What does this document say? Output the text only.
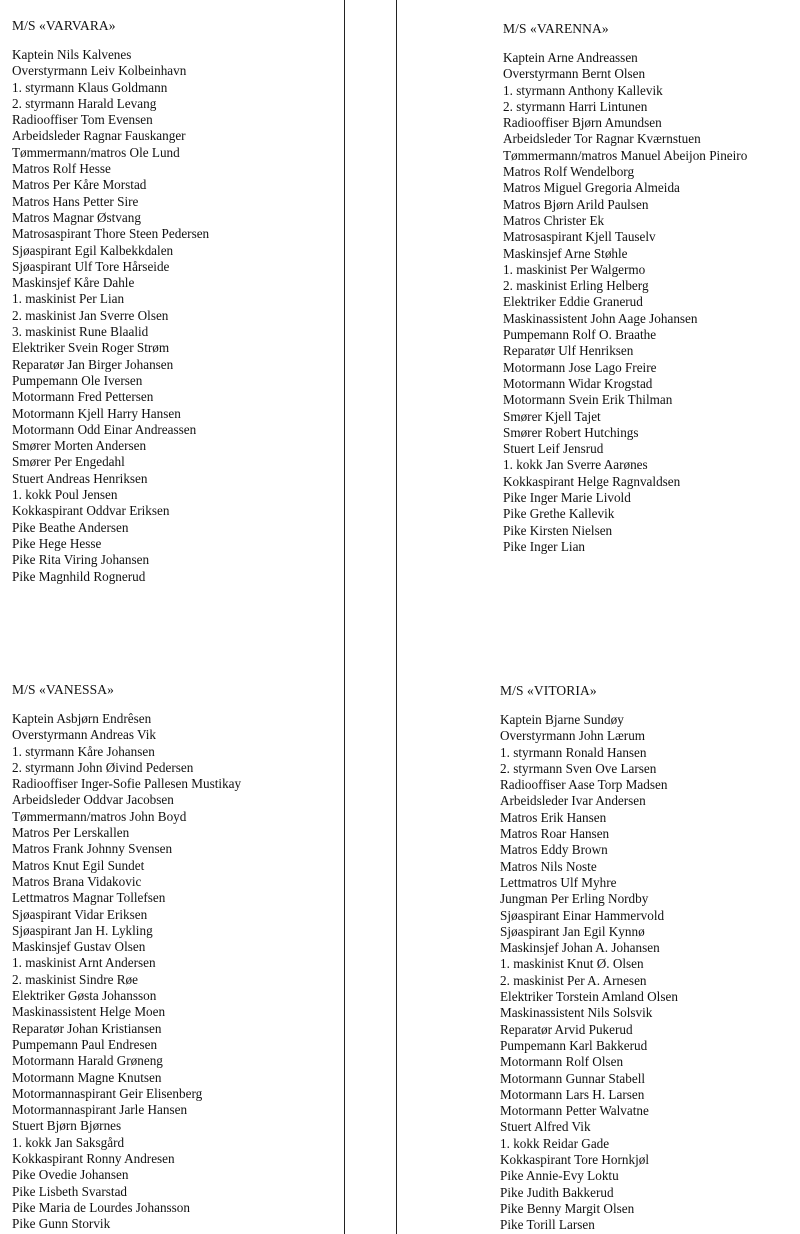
M/S «VARVARA»
Kaptein Nils Kalvenes
Overstyrmann Leiv Kolbeinhavn
1. styrmann Klaus Goldmann
2. styrmann Harald Levang
Radiooffiser Tom Evensen
Arbeidsleder Ragnar Fauskanger
Tømmermann/matros Ole Lund
Matros Rolf Hesse
Matros Per Kåre Morstad
Matros Hans Petter Sire
Matros Magnar Østvang
Matrosaspirant Thore Steen Pedersen
Sjøaspirant Egil Kalbekkdalen
Sjøaspirant Ulf Tore Hårseide
Maskinsjef Kåre Dahle
1. maskinist Per Lian
2. maskinist Jan Sverre Olsen
3. maskinist Rune Blaalid
Elektriker Svein Roger Strøm
Reparatør Jan Birger Johansen
Pumpemann Ole Iversen
Motormann Fred Pettersen
Motormann Kjell Harry Hansen
Motormann Odd Einar Andreassen
Smører Morten Andersen
Smører Per Engedahl
Stuert Andreas Henriksen
1. kokk Poul Jensen
Kokkaspirant Oddvar Eriksen
Pike Beathe Andersen
Pike Hege Hesse
Pike Rita Viring Johansen
Pike Magnhild Rognerud
M/S «VARENNA»
Kaptein Arne Andreassen
Overstyrmann Bernt Olsen
1. styrmann Anthony Kallevik
2. styrmann Harri Lintunen
Radiooffiser Bjørn Amundsen
Arbeidsleder Tor Ragnar Kværnstuen
Tømmermann/matros Manuel Abeijon Pineiro
Matros Rolf Wendelborg
Matros Miguel Gregoria Almeida
Matros Bjørn Arild Paulsen
Matros Christer Ek
Matrosaspirant Kjell Tauselv
Maskinsjef Arne Støhle
1. maskinist Per Walgermo
2. maskinist Erling Helberg
Elektriker Eddie Granerud
Maskinassistent John Aage Johansen
Pumpemann Rolf O. Braathe
Reparatør Ulf Henriksen
Motormann Jose Lago Freire
Motormann Widar Krogstad
Motormann Svein Erik Thilman
Smører Kjell Tajet
Smører Robert Hutchings
Stuert Leif Jensrud
1. kokk Jan Sverre Aarønes
Kokkaspirant Helge Ragnvaldsen
Pike Inger Marie Livold
Pike Grethe Kallevik
Pike Kirsten Nielsen
Pike Inger Lian
M/S «VANESSA»
Kaptein Asbjørn Endrêsen
Overstyrmann Andreas Vik
1. styrmann Kåre Johansen
2. styrmann John Øivind Pedersen
Radiooffiser Inger-Sofie Pallesen Mustikay
Arbeidsleder Oddvar Jacobsen
Tømmermann/matros John Boyd
Matros Per Lerskallen
Matros Frank Johnny Svensen
Matros Knut Egil Sundet
Matros Brana Vidakovic
Lettmatros Magnar Tollefsen
Sjøaspirant Vidar Eriksen
Sjøaspirant Jan H. Lykling
Maskinsjef Gustav Olsen
1. maskinist Arnt Andersen
2. maskinist Sindre Røe
Elektriker Gøsta Johansson
Maskinassistent Helge Moen
Reparatør Johan Kristiansen
Pumpemann Paul Endresen
Motormann Harald Grøneng
Motormann Magne Knutsen
Motormannaspirant Geir Elisenberg
Motormannaspirant Jarle Hansen
Stuert Bjørn Bjørnes
1. kokk Jan Saksgård
Kokkaspirant Ronny Andresen
Pike Ovedie Johansen
Pike Lisbeth Svarstad
Pike Maria de Lourdes Johansson
Pike Gunn Storvik
M/S «VITORIA»
Kaptein Bjarne Sundøy
Overstyrmann John Lærum
1. styrmann Ronald Hansen
2. styrmann Sven Ove Larsen
Radiooffiser Aase Torp Madsen
Arbeidsleder Ivar Andersen
Matros Erik Hansen
Matros Roar Hansen
Matros Eddy Brown
Matros Nils Noste
Lettmatros Ulf Myhre
Jungman Per Erling Nordby
Sjøaspirant Einar Hammervold
Sjøaspirant Jan Egil Kynnø
Maskinsjef Johan A. Johansen
1. maskinist Knut Ø. Olsen
2. maskinist Per A. Arnesen
Elektriker Torstein Amland Olsen
Maskinassistent Nils Solsvik
Reparatør Arvid Pukerud
Pumpemann Karl Bakkerud
Motormann Rolf Olsen
Motormann Gunnar Stabell
Motormann Lars H. Larsen
Motormann Petter Walvatne
Stuert Alfred Vik
1. kokk Reidar Gade
Kokkaspirant Tore Hornkjøl
Pike Annie-Evy Loktu
Pike Judith Bakkerud
Pike Benny Margit Olsen
Pike Torill Larsen
